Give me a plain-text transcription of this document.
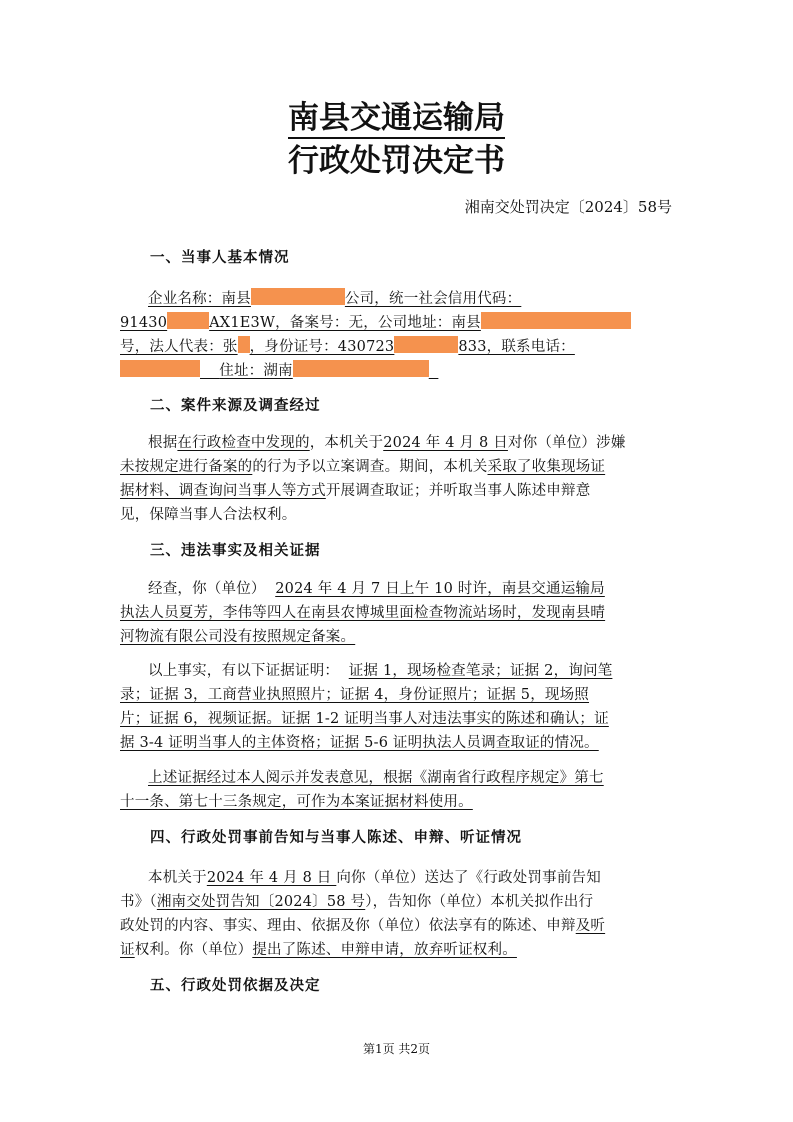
南县交通运输局
行政处罚决定书
湘南交处罚决定〔2024〕58号
一、当事人基本情况
企业名称：南县	公司，统一社会信用代码：
91430	AX1E3W，备案号：无，公司地址：南县
号，法人代表：张 ，身份证号：430723	833，联系电话：
住址：湖南
二、案件来源及调查经过
根据在行政检查中发现的，本机关于2024 年 4 月 8 日对你（单位）涉嫌
未按规定进行备案的的行为予以立案调查。期间，本机关采取了收集现场证
据材料、调查询问当事人等方式开展调查取证；并听取当事人陈述申辩意
见，保障当事人合法权利。
三、违法事实及相关证据
经查，你（单位） 2024 年 4 月 7 日上午 10 时许，南县交通运输局
执法人员夏芳，李伟等四人在南县农博城里面检查物流站场时，发现南县晴
河物流有限公司没有按照规定备案。
以上事实，有以下证据证明： 证据 1，现场检查笔录；证据 2，询问笔
录；证据 3，工商营业执照照片；证据 4，身份证照片；证据 5，现场照
片；证据 6，视频证据。证据 1-2 证明当事人对违法事实的陈述和确认；证
据 3-4 证明当事人的主体资格；证据 5-6 证明执法人员调查取证的情况。
上述证据经过本人阅示并发表意见，根据《湖南省行政程序规定》第七
十一条、第七十三条规定，可作为本案证据材料使用。
四、行政处罚事前告知与当事人陈述、申辩、听证情况
本机关于2024 年 4 月 8 日 向你（单位）送达了《行政处罚事前告知
书》（湘南交处罚告知〔2024〕58 号），告知你（单位）本机关拟作出行
政处罚的内容、事实、理由、依据及你（单位）依法享有的陈述、申辩及听
证权利。你（单位）提出了陈述、申辩申请，放弃听证权利。
五、行政处罚依据及决定
第1页 共2页
